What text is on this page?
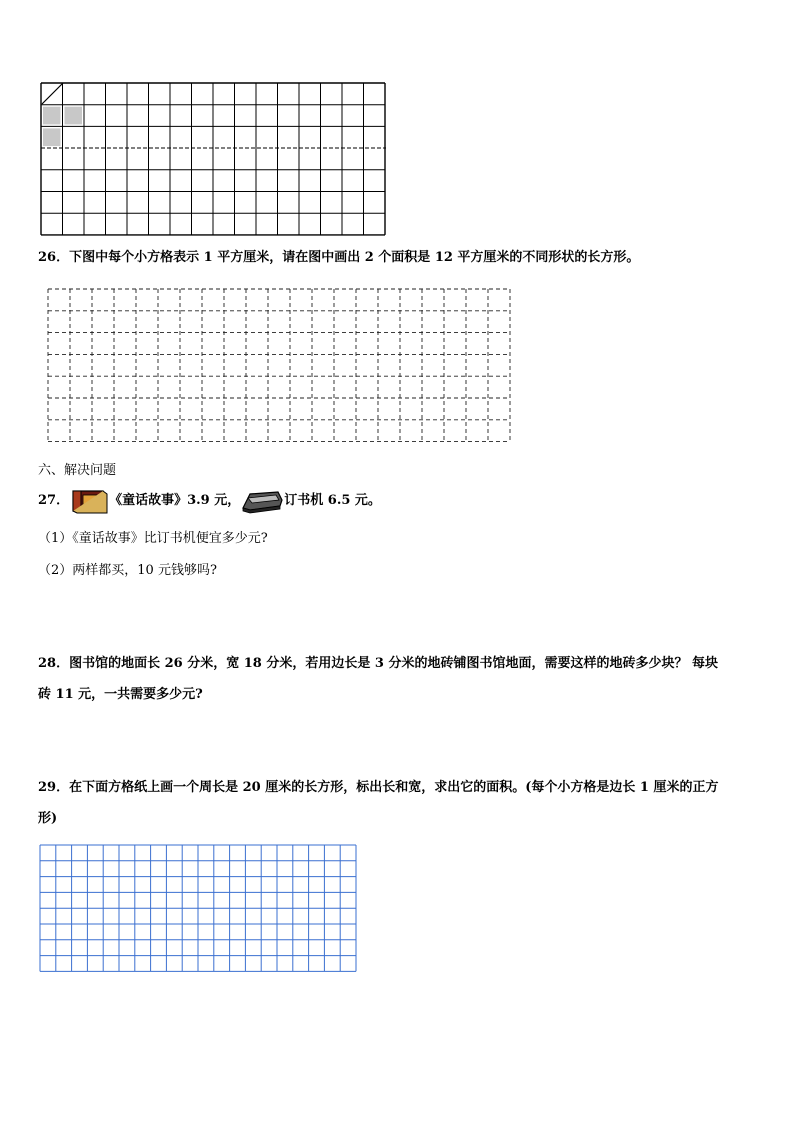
26．下图中每个小方格表示 1 平方厘米，请在图中画出 2 个面积是 12 平方厘米的不同形状的长方形。
六、解决问题
27．	《童话故事》3.9 元，	订书机 6.5 元。
（1）《童话故事》比订书机便宜多少元?
（2）两样都买，10 元钱够吗?
28．图书馆的地面长 26 分米，宽 18 分米，若用边长是 3 分米的地砖铺图书馆地面，需要这样的地砖多少块？ 每块
砖 11 元，一共需要多少元?
29．在下面方格纸上画一个周长是 20 厘米的长方形，标出长和宽，求出它的面积。(每个小方格是边长 1 厘米的正方
形)
